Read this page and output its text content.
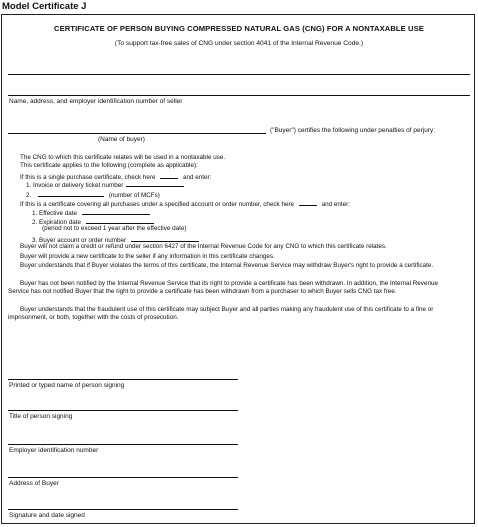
Model Certificate J
CERTIFICATE OF PERSON BUYING COMPRESSED NATURAL GAS (CNG) FOR A NONTAXABLE USE
(To support tax-free sales of CNG under section 4041 of the Internal Revenue Code.)
Name, address, and employer identification number of seller
("Buyer") certifies the following under penalties of perjury:
(Name of buyer)
The CNG to which this certificate relates will be used in a nontaxable use.
This certificate applies to the following (complete as applicable):
If this is a single purchase certificate, check here	and enter:
1. Invoice or delivery ticket number
2.	(number of MCFs)
If this is a certificate covering all purchases under a specified account or order number, check here	and enter:
1. Effective date
2. Expiration date
(period not to exceed 1 year after the effective date)
3. Buyer account or order number
Buyer will not claim a credit or refund under section 6427 of the Internal Revenue Code for any CNG to which this certificate relates.
Buyer will provide a new certificate to the seller if any information in this certificate changes.
Buyer understands that if Buyer violates the terms of this certificate, the Internal Revenue Service may withdraw Buyer's right to provide a certificate.
Buyer has not been notified by the Internal Revenue Service that its right to provide a certificate has been withdrawn. In addition, the Internal Revenue Service has not notified Buyer that the right to provide a certificate has been withdrawn from a purchaser to which Buyer sells CNG tax free.
Buyer understands that the fraudulent use of this certificate may subject Buyer and all parties making any fraudulent use of this certificate to a fine or imprisonment, or both, together with the costs of prosecution.
Printed or typed name of person signing
Title of person signing
Employer identification number
Address of Buyer
Signature and date signed
